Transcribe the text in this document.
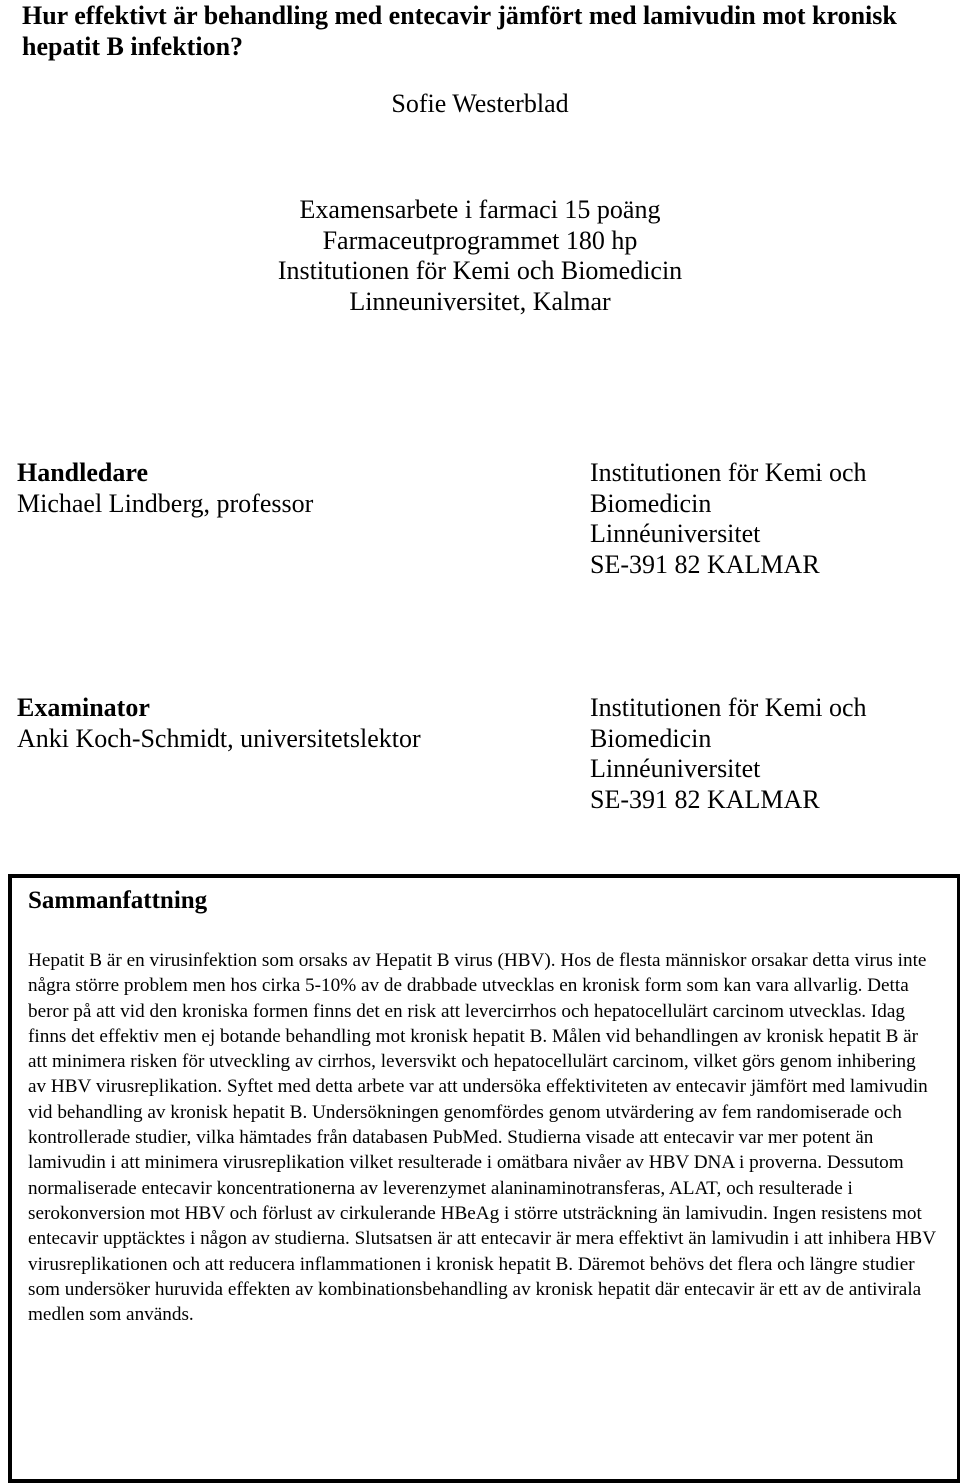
Hur effektivt är behandling med entecavir jämfört med lamivudin mot kronisk hepatit B infektion?
Sofie Westerblad
Examensarbete i farmaci 15 poäng
Farmaceutprogrammet 180 hp
Institutionen för Kemi och Biomedicin
Linneuniversitet, Kalmar
Handledare
Michael Lindberg, professor
Institutionen för Kemi och
Biomedicin
Linnéuniversitet
SE-391 82 KALMAR
Examinator
Anki Koch-Schmidt, universitetslektor
Institutionen för Kemi och
Biomedicin
Linnéuniversitet
SE-391 82 KALMAR
Sammanfattning

Hepatit B är en virusinfektion som orsaks av Hepatit B virus (HBV). Hos de flesta människor orsakar detta virus inte några större problem men hos cirka 5-10% av de drabbade utvecklas en kronisk form som kan vara allvarlig. Detta beror på att vid den kroniska formen finns det en risk att levercirrhos och hepatocellulärt carcinom utvecklas. Idag finns det effektiv men ej botande behandling mot kronisk hepatit B. Målen vid behandlingen av kronisk hepatit B är att minimera risken för utveckling av cirrhos, leversvikt och hepatocellulärt carcinom, vilket görs genom inhibering av HBV virusreplikation. Syftet med detta arbete var att undersöka effektiviteten av entecavir jämfört med lamivudin vid behandling av kronisk hepatit B. Undersökningen genomfördes genom utvärdering av fem randomiserade och kontrollerade studier, vilka hämtades från databasen PubMed. Studierna visade att entecavir var mer potent än lamivudin i att minimera virusreplikation vilket resulterade i omätbara nivåer av HBV DNA i proverna. Dessutom normaliserade entecavir koncentrationerna av leverenzymet alaninaminotransferas, ALAT, och resulterade i serokonversion mot HBV och förlust av cirkulerande HBeAg i större utsträckning än lamivudin. Ingen resistens mot entecavir upptäcktes i någon av studierna. Slutsatsen är att entecavir är mera effektivt än lamivudin i att inhibera HBV virusreplikationen och att reducera inflammationen i kronisk hepatit B. Däremot behövs det flera och längre studier som undersöker huruvida effekten av kombinationsbehandling av kronisk hepatit där entecavir är ett av de antivirala medlen som används.
